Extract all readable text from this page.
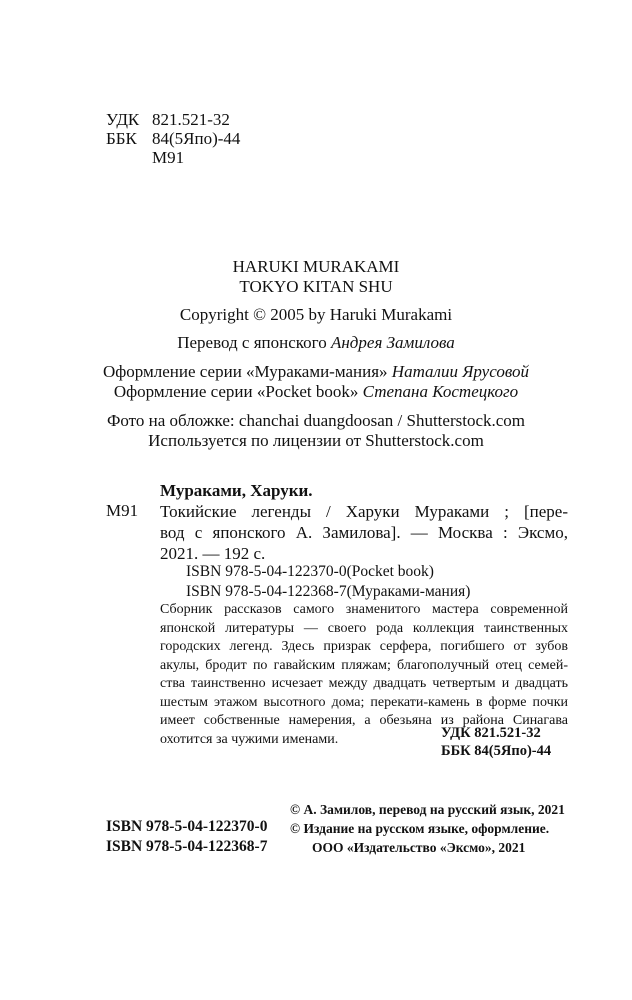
УДК 821.521-32
ББК 84(5Япо)-44
М91
HARUKI MURAKAMI
TOKYO KITAN SHU
Copyright © 2005 by Haruki Murakami
Перевод с японского Андрея Замилова
Оформление серии «Мураками-мания» Наталии Ярусовой
Оформление серии «Pocket book» Степана Костецкого
Фото на обложке: chanchai duangdoosan / Shutterstock.com
Используется по лицензии от Shutterstock.com
Мураками, Харуки.
М91 Токийские легенды / Харуки Мураками ; [пере-
вод с японского А. Замилова]. — Москва : Эксмо,
2021. — 192 с.
ISBN 978-5-04-122370-0(Pocket book)
ISBN 978-5-04-122368-7(Мураками-мания)
Сборник рассказов самого знаменитого мастера современной
японской литературы — своего рода коллекция таинственных
городских легенд. Здесь призрак серфера, погибшего от зубов
акулы, бродит по гавайским пляжам; благополучный отец семей-
ства таинственно исчезает между двадцать четвертым и двадцать
шестым этажом высотного дома; перекати-камень в форме почки
имеет собственные намерения, а обезьяна из района Синагава
охотится за чужими именами.	УДК 821.521-32
ББК 84(5Япо)-44
ISBN 978-5-04-122370-0
ISBN 978-5-04-122368-7
© А. Замилов, перевод на русский язык, 2021
© Издание на русском языке, оформление.
ООО «Издательство «Эксмо», 2021
